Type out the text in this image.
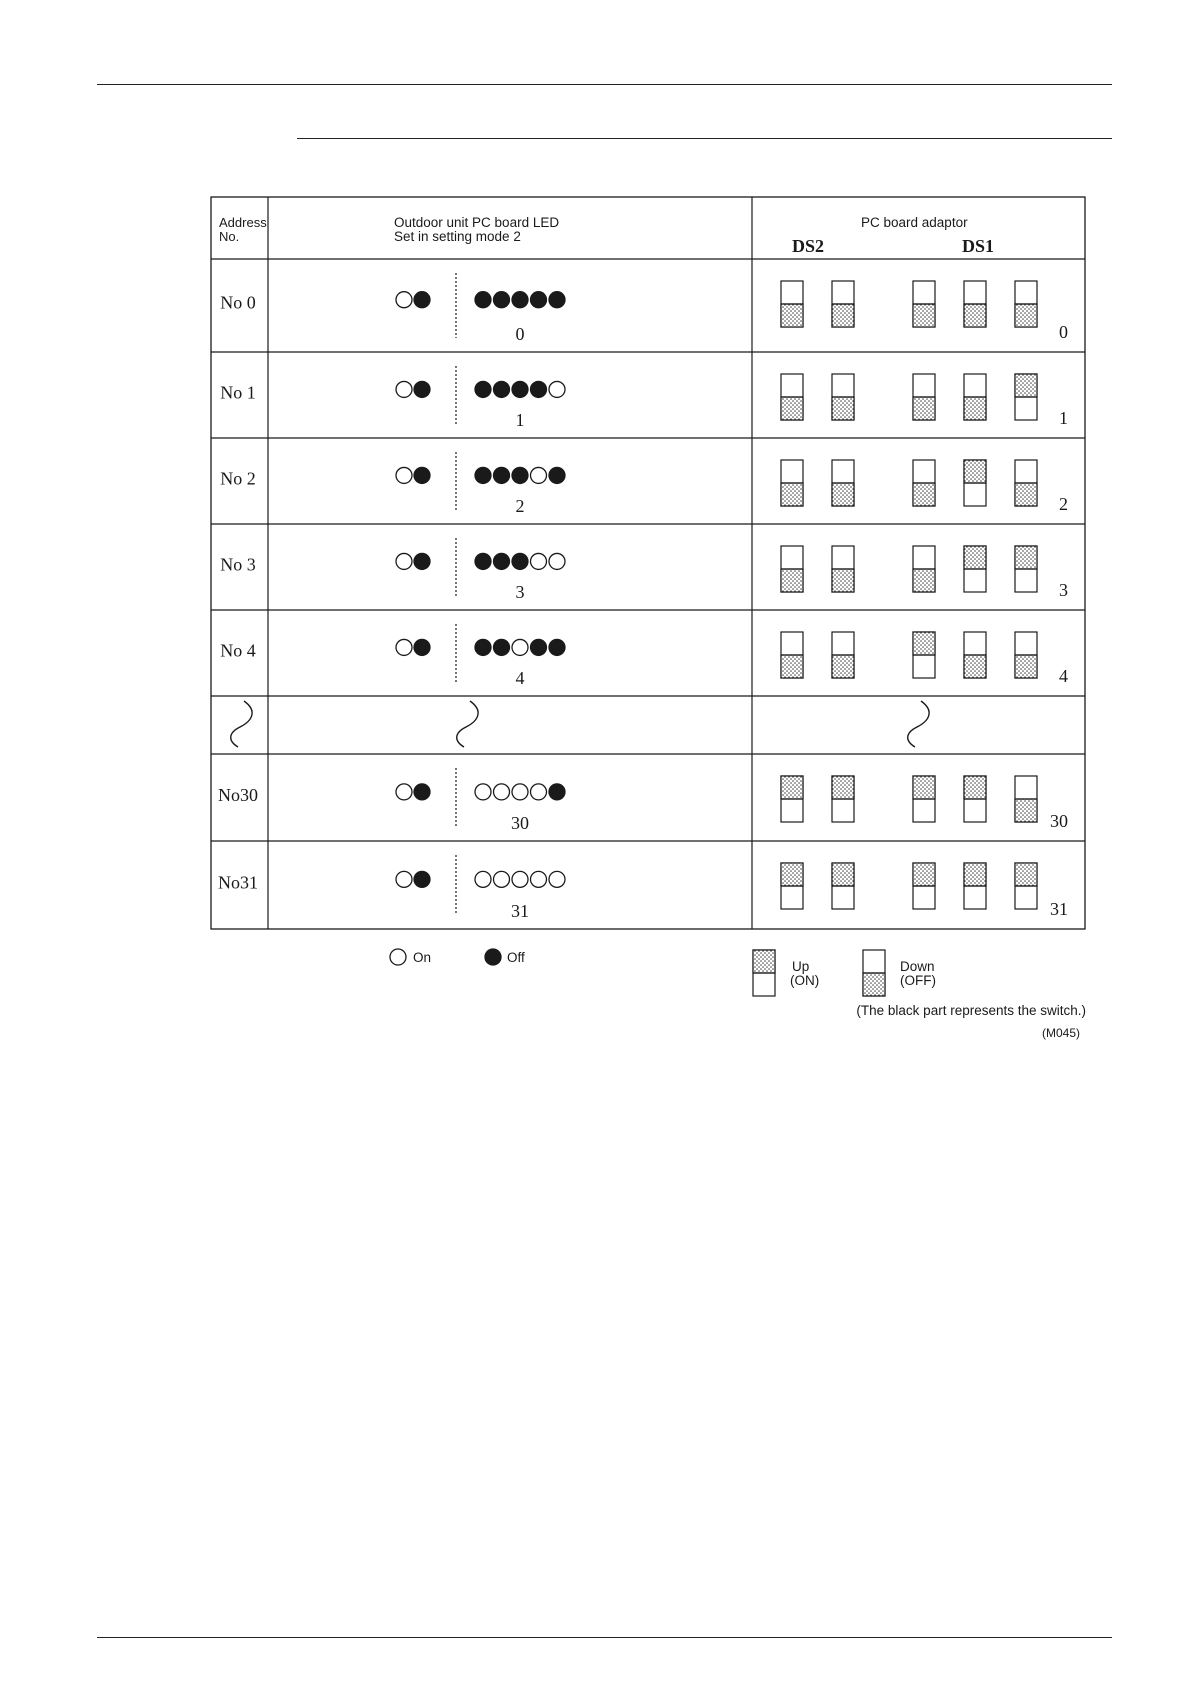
Address
No.
Outdoor unit PC board LED
Set in setting mode 2
PC board adaptor
DS2	DS1
No 0
0	0
No 1
1	1
No 2
2	2
No 3
3	3
No 4
4	4
No30
30	30
No31
31	31
On	Off
Up
(ON)
Down
(OFF)
(The black part represents the switch.)
(M045)
